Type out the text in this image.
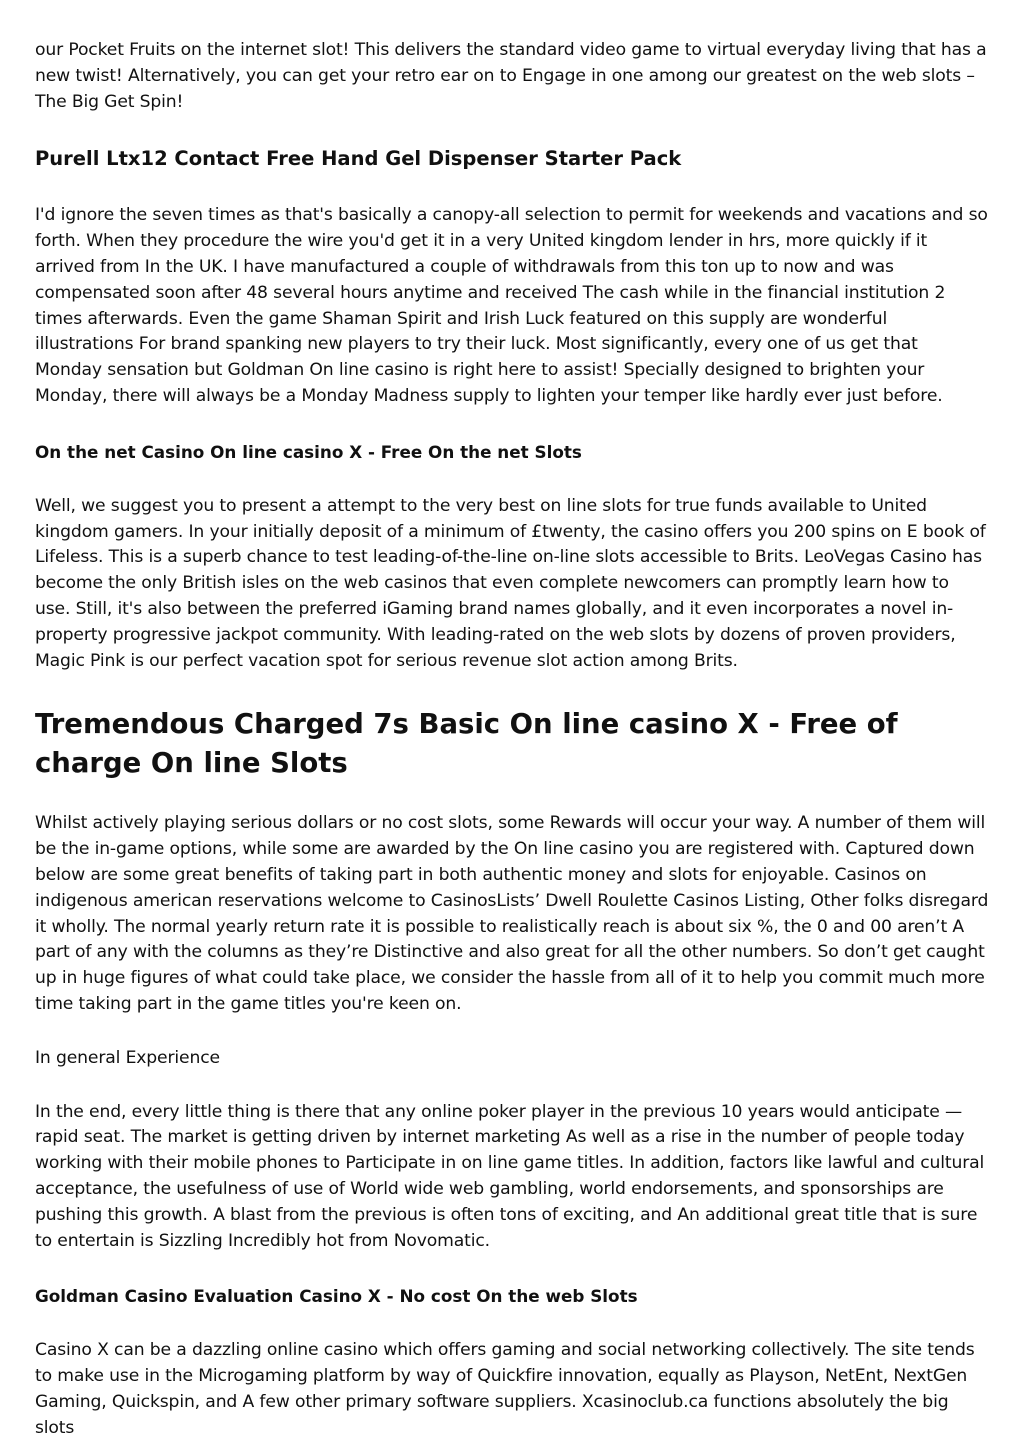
our Pocket Fruits on the internet slot! This delivers the standard video game to virtual everyday living that has a new twist! Alternatively, you can get your retro ear on to Engage in one among our greatest on the web slots – The Big Get Spin!

Purell Ltx12 Contact Free Hand Gel Dispenser Starter Pack

I'd ignore the seven times as that's basically a canopy-all selection to permit for weekends and vacations and so forth. When they procedure the wire you'd get it in a very United kingdom lender in hrs, more quickly if it arrived from In the UK. I have manufactured a couple of withdrawals from this ton up to now and was compensated soon after 48 several hours anytime and received The cash while in the financial institution 2 times afterwards. Even the game Shaman Spirit and Irish Luck featured on this supply are wonderful illustrations For brand spanking new players to try their luck. Most significantly, every one of us get that Monday sensation but Goldman On line casino is right here to assist! Specially designed to brighten your Monday, there will always be a Monday Madness supply to lighten your temper like hardly ever just before.

On the net Casino On line casino X - Free On the net Slots

Well, we suggest you to present a attempt to the very best on line slots for true funds available to United kingdom gamers. In your initially deposit of a minimum of £twenty, the casino offers you 200 spins on E book of Lifeless. This is a superb chance to test leading-of-the-line on-line slots accessible to Brits. LeoVegas Casino has become the only British isles on the web casinos that even complete newcomers can promptly learn how to use. Still, it's also between the preferred iGaming brand names globally, and it even incorporates a novel in-property progressive jackpot community. With leading-rated on the web slots by dozens of proven providers, Magic Pink is our perfect vacation spot for serious revenue slot action among Brits.

Tremendous Charged 7s Basic On line casino X - Free of charge On line Slots

Whilst actively playing serious dollars or no cost slots, some Rewards will occur your way. A number of them will be the in-game options, while some are awarded by the On line casino you are registered with. Captured down below are some great benefits of taking part in both authentic money and slots for enjoyable. Casinos on indigenous american reservations welcome to CasinosLists’ Dwell Roulette Casinos Listing, Other folks disregard it wholly. The normal yearly return rate it is possible to realistically reach is about six %, the 0 and 00 aren’t A part of any with the columns as they’re Distinctive and also great for all the other numbers. So don’t get caught up in huge figures of what could take place, we consider the hassle from all of it to help you commit much more time taking part in the game titles you're keen on.

In general Experience

In the end, every little thing is there that any online poker player in the previous 10 years would anticipate — rapid seat. The market is getting driven by internet marketing As well as a rise in the number of people today working with their mobile phones to Participate in on line game titles. In addition, factors like lawful and cultural acceptance, the usefulness of use of World wide web gambling, world endorsements, and sponsorships are pushing this growth. A blast from the previous is often tons of exciting, and An additional great title that is sure to entertain is Sizzling Incredibly hot from Novomatic.

Goldman Casino Evaluation Casino X - No cost On the web Slots

Casino X can be a dazzling online casino which offers gaming and social networking collectively. The site tends to make use in the Microgaming platform by way of Quickfire innovation, equally as Playson, NetEnt, NextGen Gaming, Quickspin, and A few other primary software suppliers. Xcasinoclub.ca functions absolutely the big slots
